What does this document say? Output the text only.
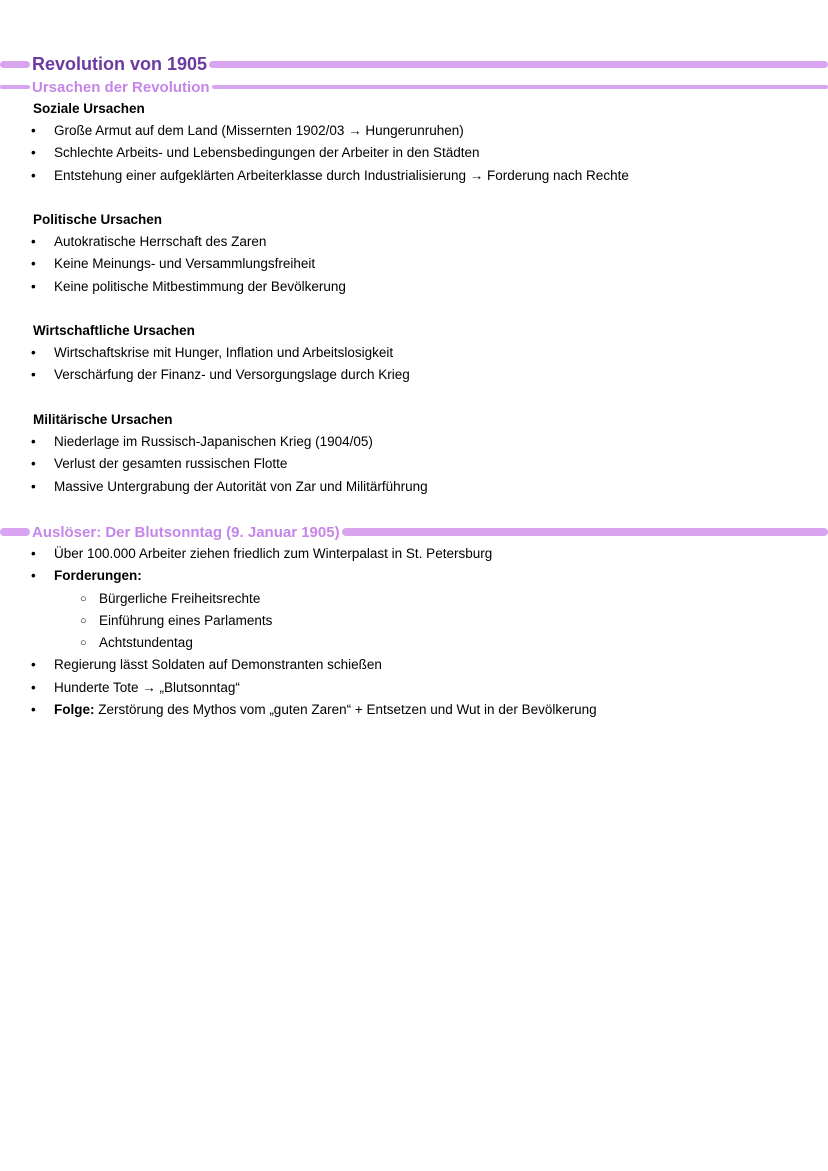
Revolution von 1905
Ursachen der Revolution
Soziale Ursachen
• Große Armut auf dem Land (Missernten 1902/03 → Hungerunruhen)
• Schlechte Arbeits- und Lebensbedingungen der Arbeiter in den Städten
• Entstehung einer aufgeklärten Arbeiterklasse durch Industrialisierung → Forderung nach Rechte
Politische Ursachen
• Autokratische Herrschaft des Zaren
• Keine Meinungs- und Versammlungsfreiheit
• Keine politische Mitbestimmung der Bevölkerung
Wirtschaftliche Ursachen
• Wirtschaftskrise mit Hunger, Inflation und Arbeitslosigkeit
• Verschärfung der Finanz- und Versorgungslage durch Krieg
Militärische Ursachen
• Niederlage im Russisch-Japanischen Krieg (1904/05)
• Verlust der gesamten russischen Flotte
• Massive Untergrabung der Autorität von Zar und Militärführung
Auslöser: Der Blutsonntag (9. Januar 1905)
• Über 100.000 Arbeiter ziehen friedlich zum Winterpalast in St. Petersburg
• Forderungen:
○ Bürgerliche Freiheitsrechte
○ Einführung eines Parlaments
○ Achtstundentag
• Regierung lässt Soldaten auf Demonstranten schießen
• Hunderte Tote → „Blutsonntag“
• Folge: Zerstörung des Mythos vom „guten Zaren“ + Entsetzen und Wut in der Bevölkerung
